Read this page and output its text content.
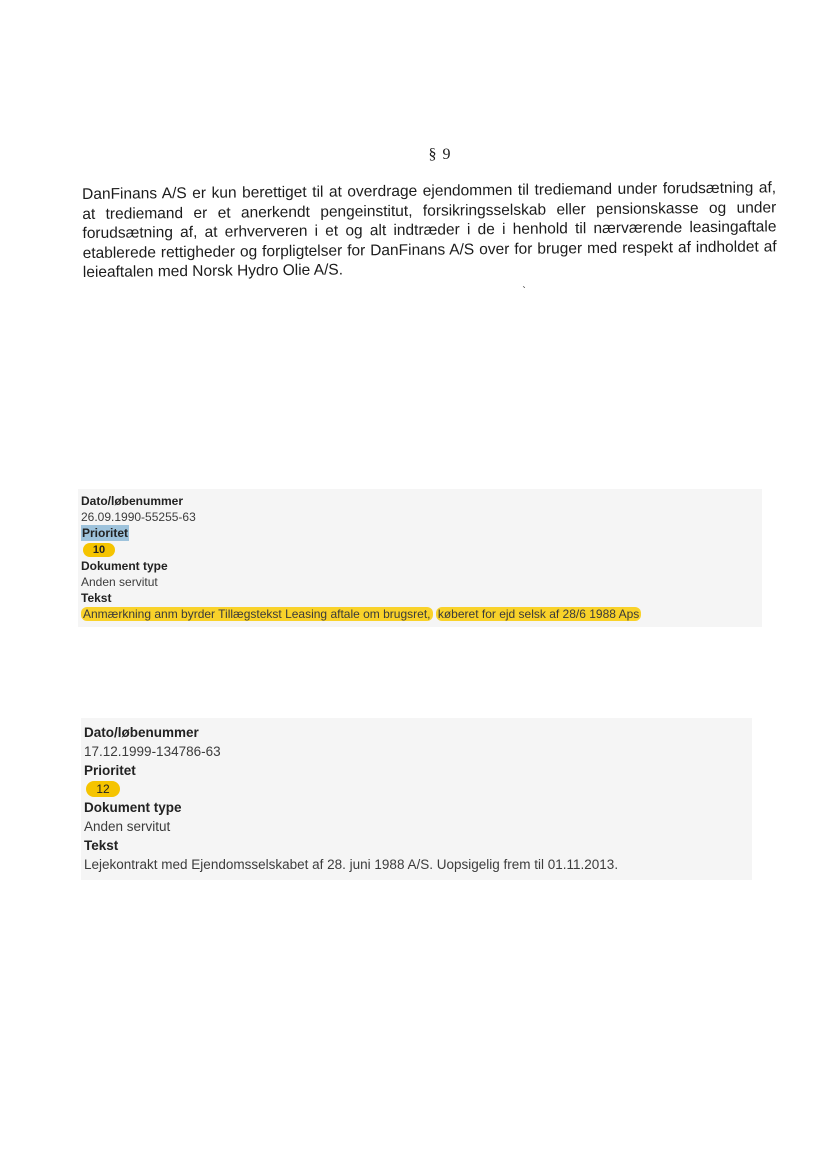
§ 9
DanFinans A/S er kun berettiget til at overdrage ejendommen til trediemand under forudsætning af, at trediemand er et anerkendt pengeinstitut, forsikringsselskab eller pensionskasse og under forudsætning af, at erhververen i et og alt indtræder i de i henhold til nærværende leasingaftale etablerede rettigheder og forpligtelser for DanFinans A/S over for bruger med respekt af indholdet af leieaftalen med Norsk Hydro Olie A/S.
`
Dato/løbenummer
26.09.1990-55255-63
Prioritet
10
Dokument type
Anden servitut
Tekst
Anmærkning anm byrder Tillægstekst Leasing aftale om brugsret, køberet for ejd selsk af 28/6 1988 Aps
Dato/løbenummer
17.12.1999-134786-63
Prioritet
12
Dokument type
Anden servitut
Tekst
Lejekontrakt med Ejendomsselskabet af 28. juni 1988 A/S. Uopsigelig frem til 01.11.2013.
